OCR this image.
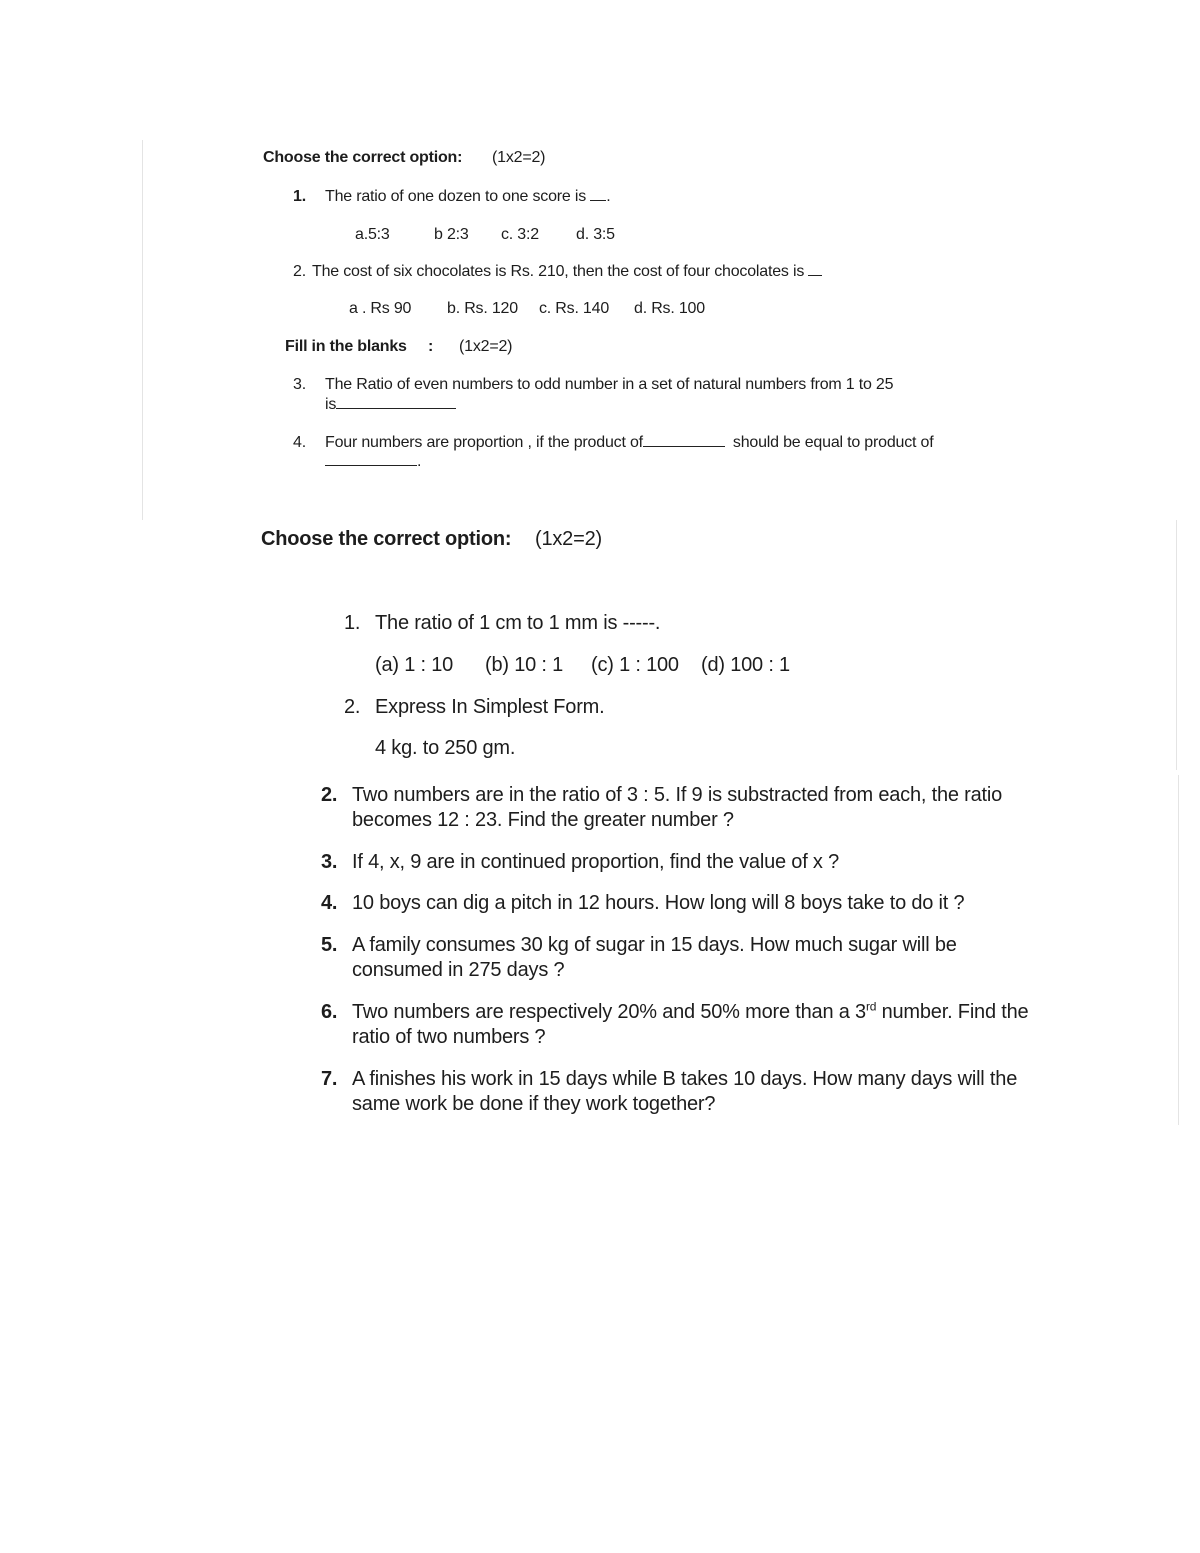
Choose the correct option: (1x2=2)
1. The ratio of one dozen to one score is .
a.5:3	b 2:3 c. 3:2 d. 3:5
2. The cost of six chocolates is Rs. 210, then the cost of four chocolates is
a . Rs 90 b. Rs. 120 c. Rs. 140 d. Rs. 100
Fill in the blanks : (1x2=2)
3. The Ratio of even numbers to odd number in a set of natural numbers from 1 to 25
is
4. Four numbers are proportion , if the product of	should be equal to product of
.
Choose the correct option: (1x2=2)
1. The ratio of 1 cm to 1 mm is -----.
(a) 1 : 10 (b) 10 : 1 (c) 1 : 100 (d) 100 : 1
2. Express In Simplest Form.
4 kg. to 250 gm.
2. Two numbers are in the ratio of 3 : 5. If 9 is substracted from each, the ratio
becomes 12 : 23. Find the greater number ?
3. If 4, x, 9 are in continued proportion, find the value of x ?
4. 10 boys can dig a pitch in 12 hours. How long will 8 boys take to do it ?
5. A family consumes 30 kg of sugar in 15 days. How much sugar will be
consumed in 275 days ?
6. Two numbers are respectively 20% and 50% more than a 3rd number. Find the
ratio of two numbers ?
7. A finishes his work in 15 days while B takes 10 days. How many days will the
same work be done if they work together?
